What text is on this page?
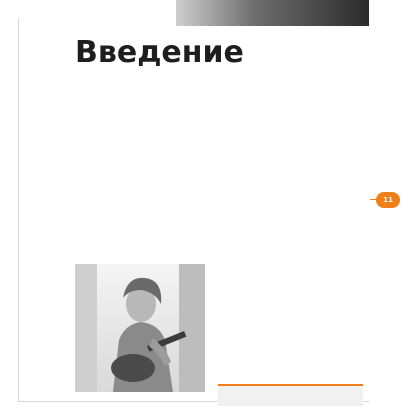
Введение
11
